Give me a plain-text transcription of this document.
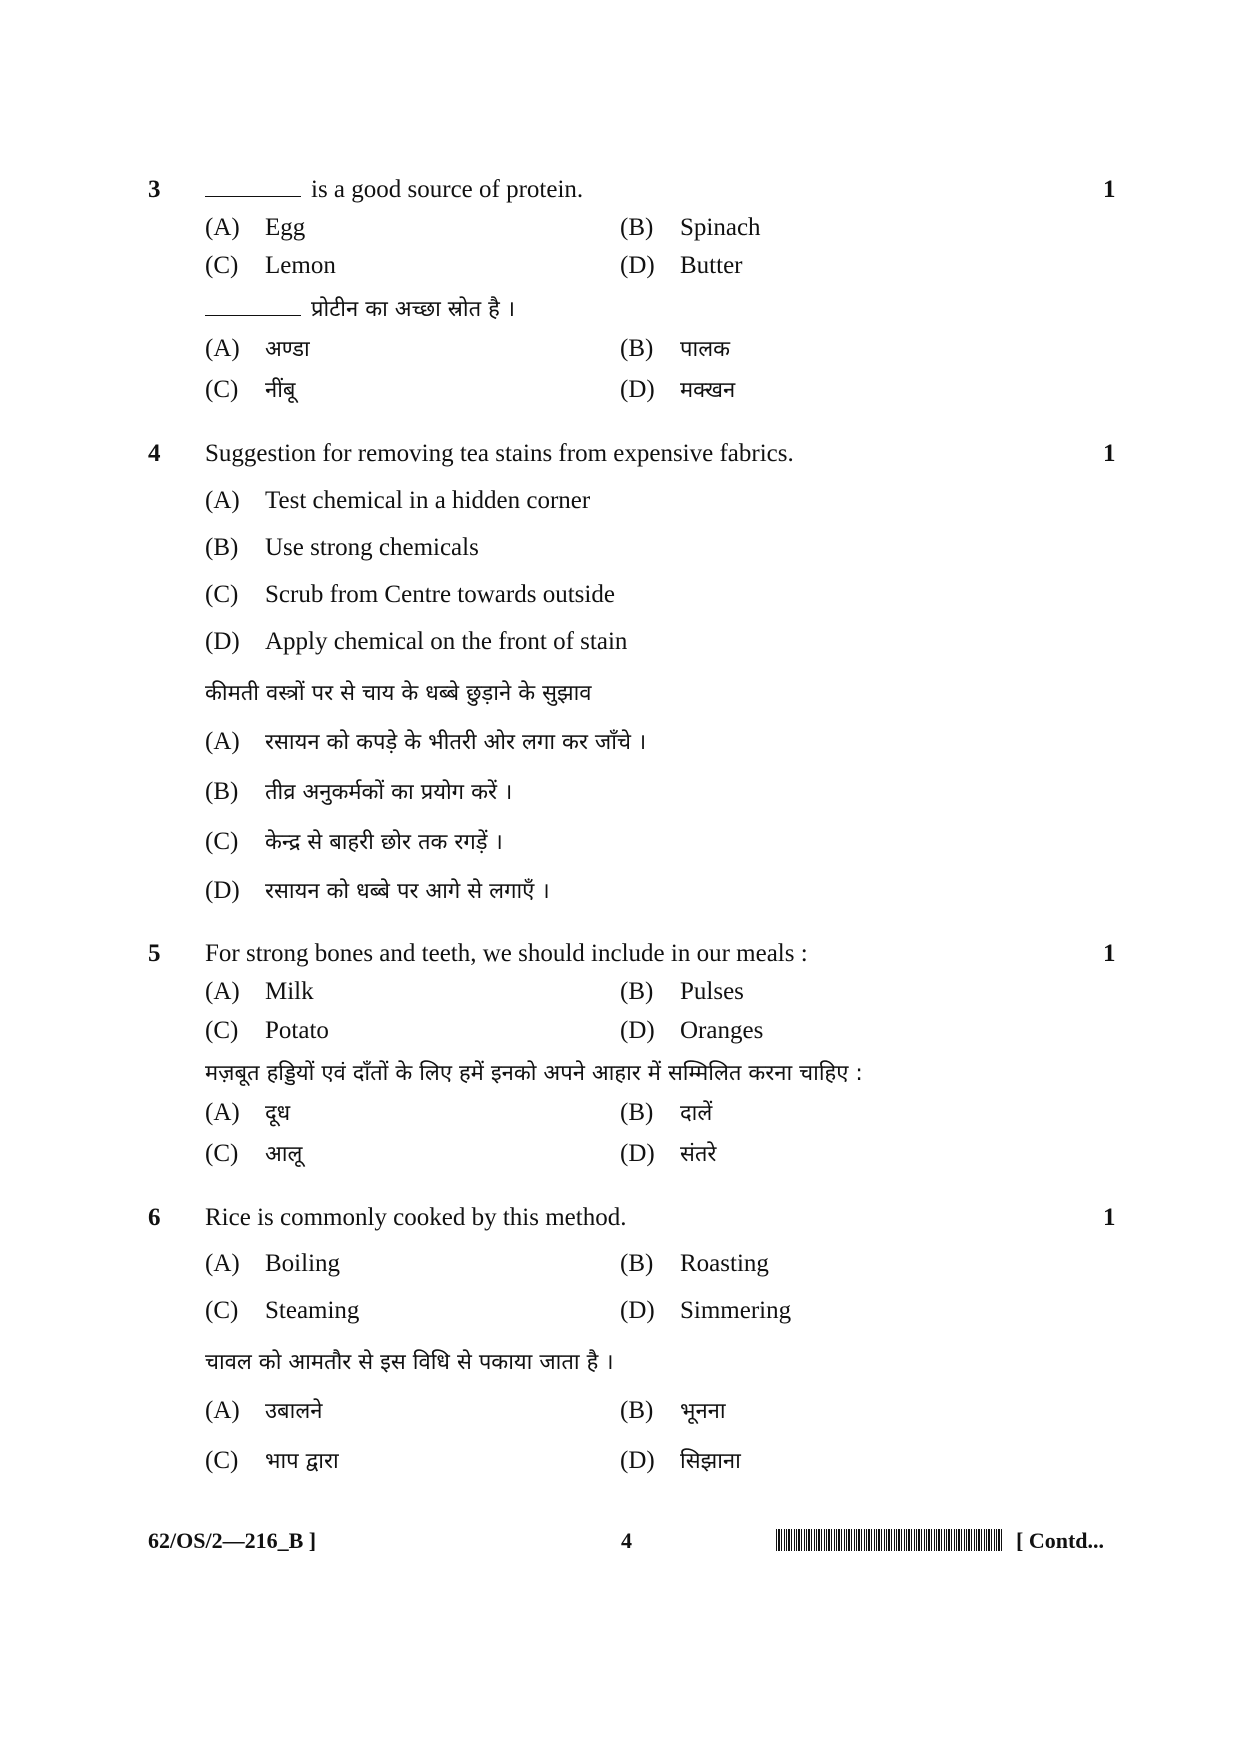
3	1
is a good source of protein.
(A) Egg	(B) Spinach
(C) Lemon	(D) Butter
प्रोटीन का अच्छा स्रोत है ।
(A) अण्डा	(B) पालक
(C) नींबू	(D) मक्खन
4	1
Suggestion for removing tea stains from expensive fabrics.
(A) Test chemical in a hidden corner
(B) Use strong chemicals
(C) Scrub from Centre towards outside
(D) Apply chemical on the front of stain
कीमती वस्त्रों पर से चाय के धब्बे छुड़ाने के सुझाव
(A) रसायन को कपड़े के भीतरी ओर लगा कर जाँचे ।
(B) तीव्र अनुकर्मकों का प्रयोग करें ।
(C) केन्द्र से बाहरी छोर तक रगड़ें ।
(D) रसायन को धब्बे पर आगे से लगाएँ ।
5	1
For strong bones and teeth, we should include in our meals :
(A) Milk	(B) Pulses
(C) Potato	(D) Oranges
मज़बूत हड्डियों एवं दाँतों के लिए हमें इनको अपने आहार में सम्मिलित करना चाहिए :
(A) दूध	(B) दालें
(C) आलू	(D) संतरे
6	1
Rice is commonly cooked by this method.
(A) Boiling	(B) Roasting
(C) Steaming	(D) Simmering
चावल को आमतौर से इस विधि से पकाया जाता है ।
(A) उबालने	(B) भूनना
(C) भाप द्वारा	(D) सिझाना
62/OS/2—216_B ]	4	[ Contd...
